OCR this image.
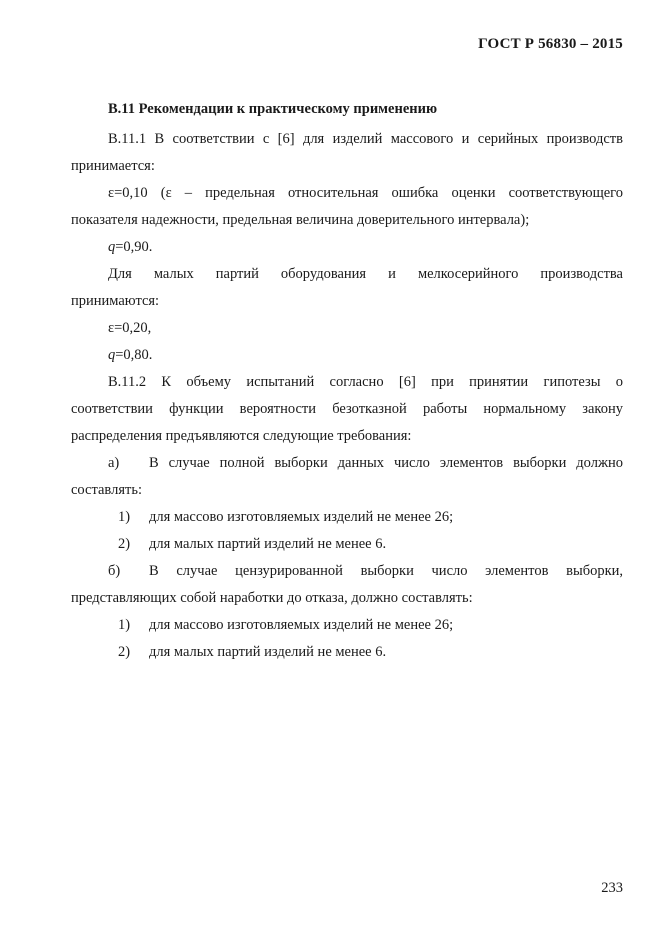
ГОСТ Р 56830 – 2015
В.11 Рекомендации к практическому применению
В.11.1 В соответствии с [6] для изделий массового и серийных производств
принимается:
ε=0,10 (ε – предельная относительная ошибка оценки соответствующего
показателя надежности, предельная величина доверительного интервала);
q=0,90.
Для малых партий оборудования и мелкосерийного производства
принимаются:
ε=0,20,
q=0,80.
В.11.2 К объему испытаний согласно [6] при принятии гипотезы о
соответствии функции вероятности безотказной работы нормальному закону
распределения предъявляются следующие требования:
а) В случае полной выборки данных число элементов выборки должно
составлять:
1) для массово изготовляемых изделий не менее 26;
2) для малых партий изделий не менее 6.
б) В случае цензурированной выборки число элементов выборки,
представляющих собой наработки до отказа, должно составлять:
1) для массово изготовляемых изделий не менее 26;
2) для малых партий изделий не менее 6.
233
